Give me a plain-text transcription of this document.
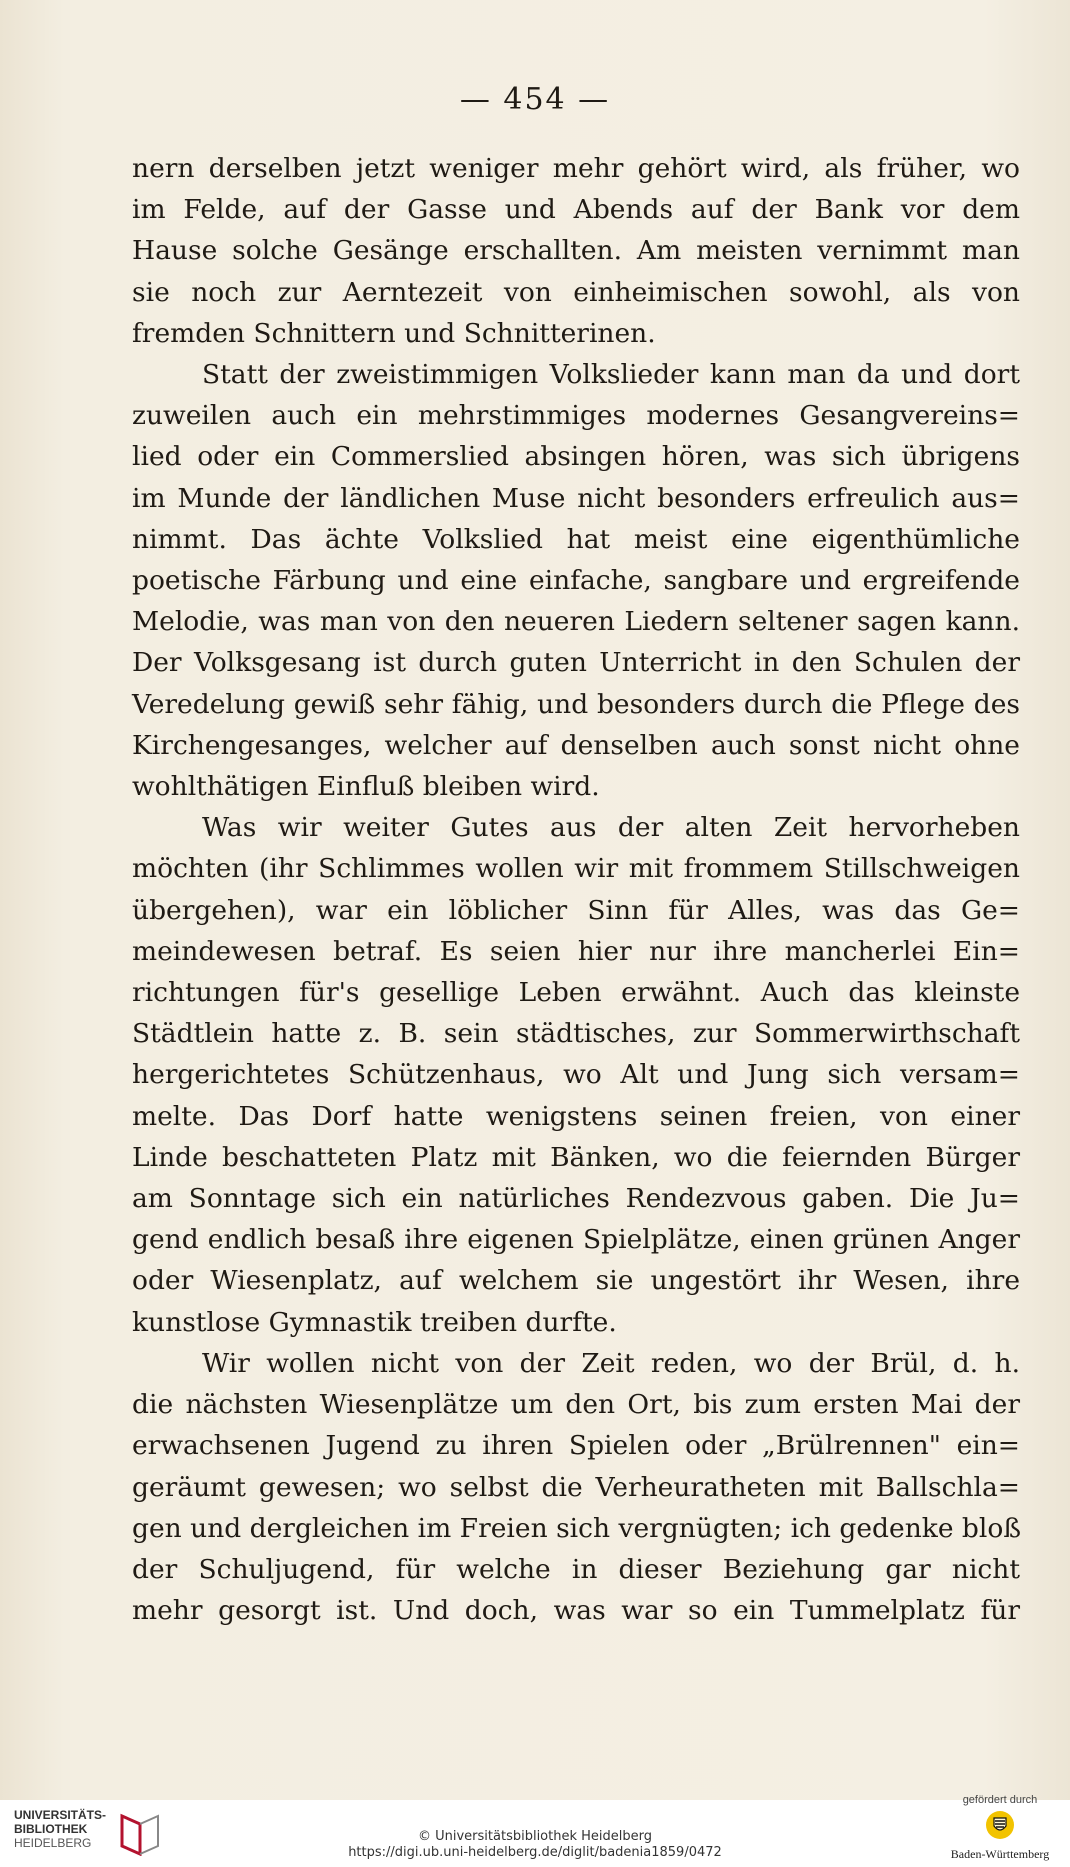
— 454 —
nern derselben jetzt weniger mehr gehört wird, als früher, wo
im Felde, auf der Gasse und Abends auf der Bank vor dem
Hause solche Gesänge erschallten. Am meisten vernimmt man
sie noch zur Aerntezeit von einheimischen sowohl, als von
fremden Schnittern und Schnitterinen.
Statt der zweistimmigen Volkslieder kann man da und dort
zuweilen auch ein mehrstimmiges modernes Gesangvereins=
lied oder ein Commerslied absingen hören, was sich übrigens
im Munde der ländlichen Muse nicht besonders erfreulich aus=
nimmt. Das ächte Volkslied hat meist eine eigenthümliche
poetische Färbung und eine einfache, sangbare und ergreifende
Melodie, was man von den neueren Liedern seltener sagen kann.
Der Volksgesang ist durch guten Unterricht in den Schulen der
Veredelung gewiß sehr fähig, und besonders durch die Pflege des
Kirchengesanges, welcher auf denselben auch sonst nicht ohne
wohlthätigen Einfluß bleiben wird.
Was wir weiter Gutes aus der alten Zeit hervorheben
möchten (ihr Schlimmes wollen wir mit frommem Stillschweigen
übergehen), war ein löblicher Sinn für Alles, was das Ge=
meindewesen betraf. Es seien hier nur ihre mancherlei Ein=
richtungen für's gesellige Leben erwähnt. Auch das kleinste
Städtlein hatte z. B. sein städtisches, zur Sommerwirthschaft
hergerichtetes Schützenhaus, wo Alt und Jung sich versam=
melte. Das Dorf hatte wenigstens seinen freien, von einer
Linde beschatteten Platz mit Bänken, wo die feiernden Bürger
am Sonntage sich ein natürliches Rendezvous gaben. Die Ju=
gend endlich besaß ihre eigenen Spielplätze, einen grünen Anger
oder Wiesenplatz, auf welchem sie ungestört ihr Wesen, ihre
kunstlose Gymnastik treiben durfte.
Wir wollen nicht von der Zeit reden, wo der Brül, d. h.
die nächsten Wiesenplätze um den Ort, bis zum ersten Mai der
erwachsenen Jugend zu ihren Spielen oder „Brülrennen" ein=
geräumt gewesen; wo selbst die Verheuratheten mit Ballschla=
gen und dergleichen im Freien sich vergnügten; ich gedenke bloß
der Schuljugend, für welche in dieser Beziehung gar nicht
mehr gesorgt ist. Und doch, was war so ein Tummelplatz für
UNIVERSITÄTS-
BIBLIOTHEK
HEIDELBERG	© Universitätsbibliothek Heidelberg
https://digi.ub.uni-heidelberg.de/diglit/badenia1859/0472
gefördert durch
Baden-Württemberg
